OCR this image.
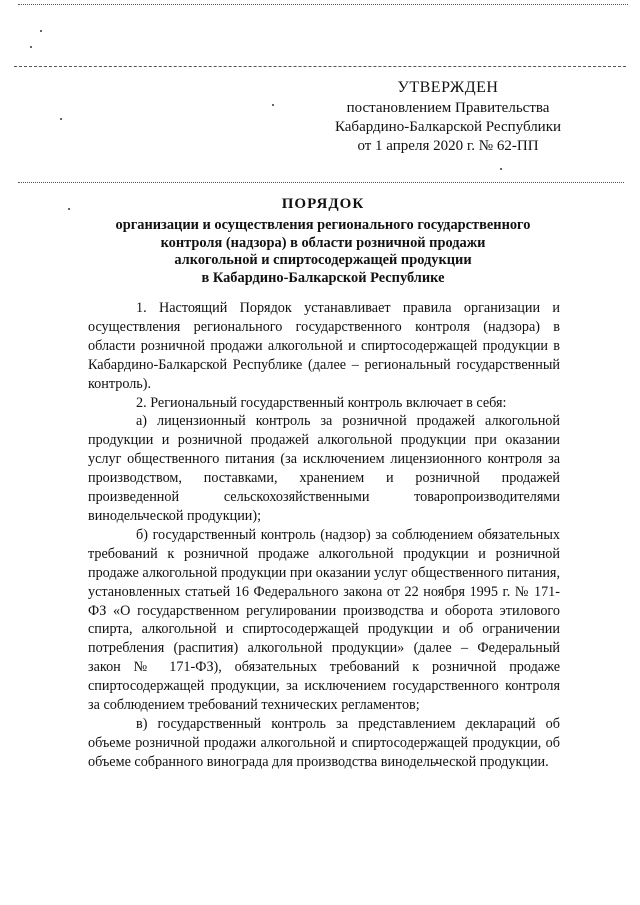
УТВЕРЖДЕН
постановлением Правительства
Кабардино-Балкарской Республики
от 1 апреля 2020 г. № 62-ПП
ПОРЯДОК
организации и осуществления регионального государственного
контроля (надзора) в области розничной продажи
алкогольной и спиртосодержащей продукции
в Кабардино-Балкарской Республике

1. Настоящий Порядок устанавливает правила организации и осуществления регионального государственного контроля (надзора) в области розничной продажи алкогольной и спиртосодержащей продукции в Кабардино-Балкарской Республике (далее – региональный государственный контроль).

2. Региональный государственный контроль включает в себя:

а) лицензионный контроль за розничной продажей алкогольной продукции и розничной продажей алкогольной продукции при оказании услуг общественного питания (за исключением лицензионного контроля за производством, поставками, хранением и розничной продажей произведенной сельскохозяйственными товаропроизводителями винодельческой продукции);

б) государственный контроль (надзор) за соблюдением обязательных требований к розничной продаже алкогольной продукции и розничной продаже алкогольной продукции при оказании услуг общественного питания, установленных статьей 16 Федерального закона от 22 ноября 1995 г. № 171-ФЗ «О государственном регулировании производства и оборота этилового спирта, алкогольной и спиртосодержащей продукции и об ограничении потребления (распития) алкогольной продукции» (далее – Федеральный закон № 171-ФЗ), обязательных требований к розничной продаже спиртосодержащей продукции, за исключением государственного контроля за соблюдением требований технических регламентов;

в) государственный контроль за представлением деклараций об объеме розничной продажи алкогольной и спиртосодержащей продукции, об объеме собранного винограда для производства винодельческой продукции.
